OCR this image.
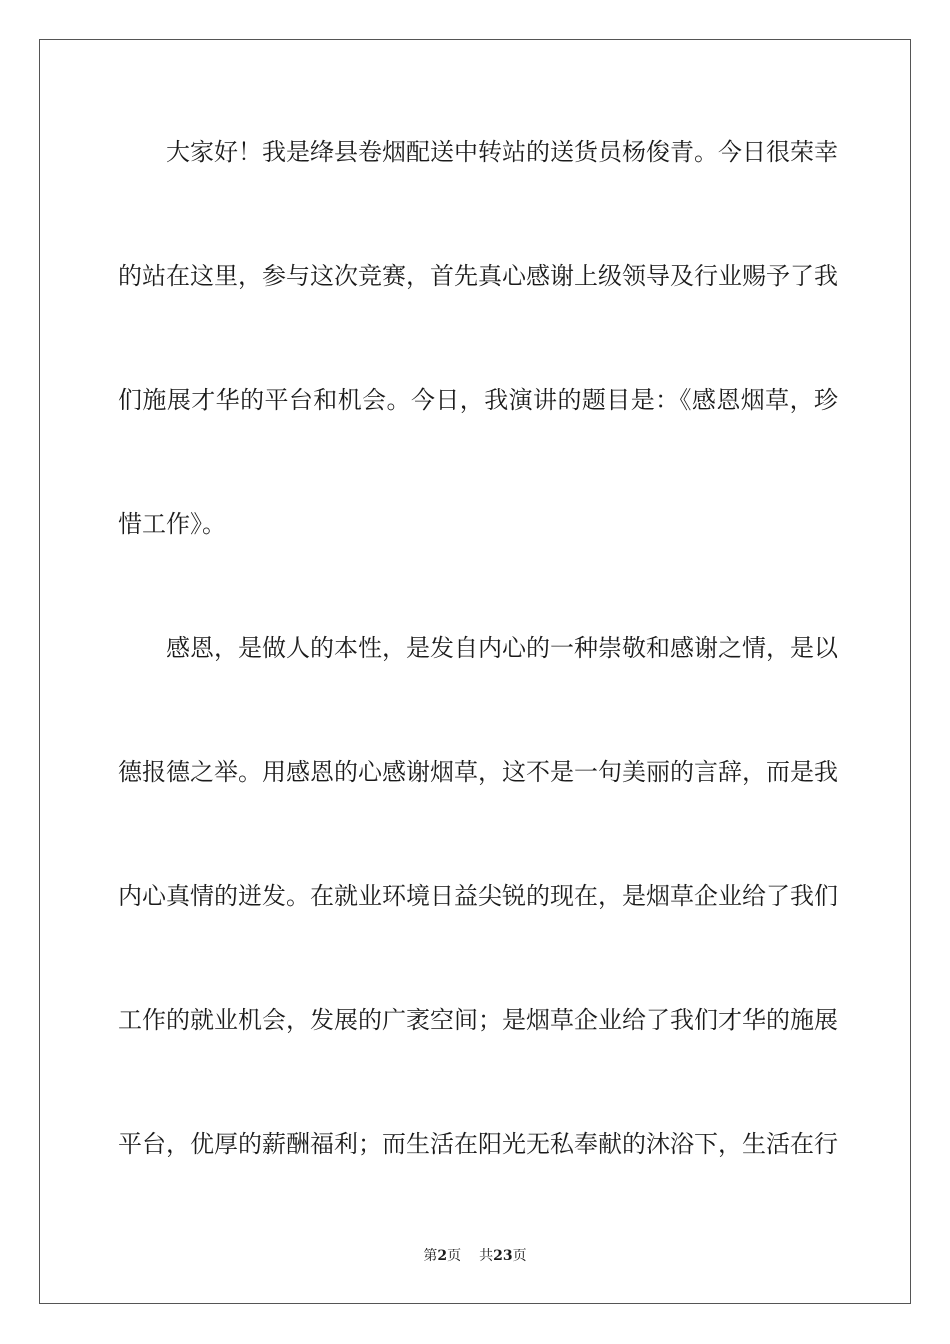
大家好！我是绛县卷烟配送中转站的送货员杨俊青。今日很荣幸
的站在这里，参与这次竞赛，首先真心感谢上级领导及行业赐予了我
们施展才华的平台和机会。今日，我演讲的题目是：《感恩烟草，珍
惜工作》。
感恩，是做人的本性，是发自内心的一种崇敬和感谢之情，是以
德报德之举。用感恩的心感谢烟草，这不是一句美丽的言辞，而是我
内心真情的迸发。在就业环境日益尖锐的现在，是烟草企业给了我们
工作的就业机会，发展的广袤空间；是烟草企业给了我们才华的施展
平台，优厚的薪酬福利；而生活在阳光无私奉献的沐浴下，生活在行
第2页 共23页
